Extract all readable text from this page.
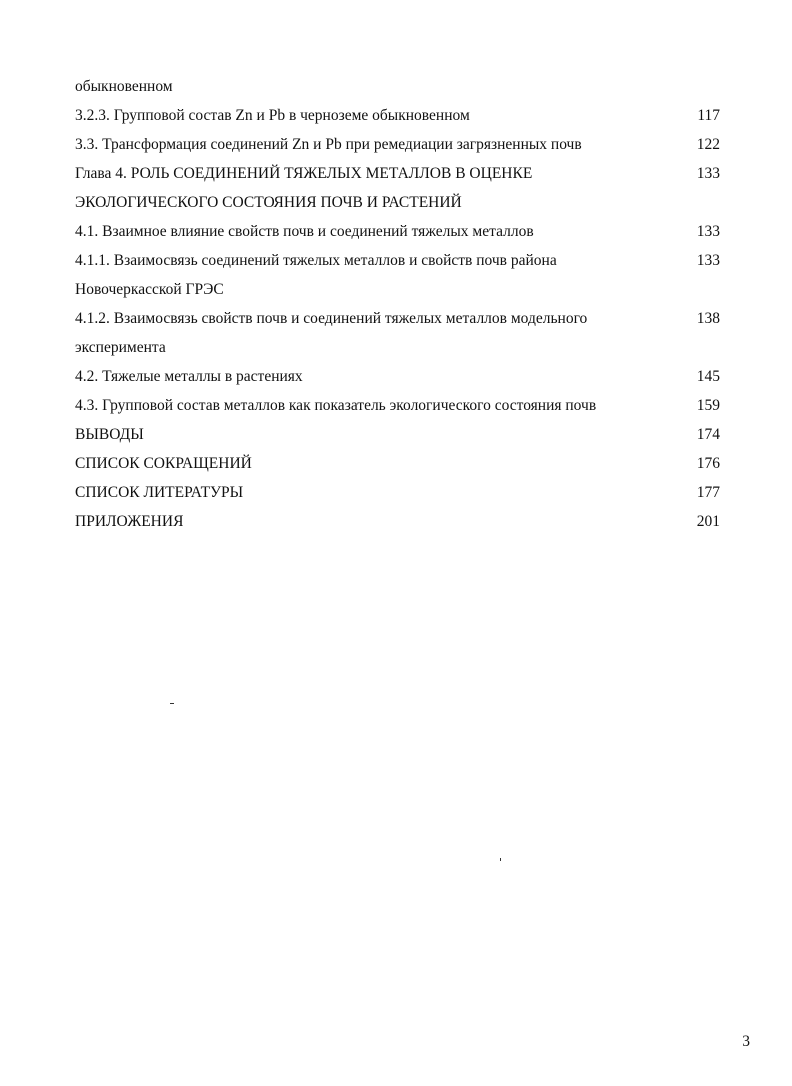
обыкновенном
3.2.3. Групповой состав Zn и Pb в черноземе обыкновенном	117
3.3. Трансформация соединений Zn и Pb при ремедиации загрязненных почв	122
Глава 4. РОЛЬ СОЕДИНЕНИЙ ТЯЖЕЛЫХ МЕТАЛЛОВ В ОЦЕНКЕ	133
ЭКОЛОГИЧЕСКОГО СОСТОЯНИЯ ПОЧВ И РАСТЕНИЙ
4.1. Взаимное влияние свойств почв и соединений тяжелых металлов	133
4.1.1. Взаимосвязь соединений тяжелых металлов и свойств почв района	133
Новочеркасской ГРЭС
4.1.2. Взаимосвязь свойств почв и соединений тяжелых металлов модельного	138
эксперимента
4.2. Тяжелые металлы в растениях	145
4.3. Групповой состав металлов как показатель экологического состояния почв	159
ВЫВОДЫ	174
СПИСОК СОКРАЩЕНИЙ	176
СПИСОК ЛИТЕРАТУРЫ	177
ПРИЛОЖЕНИЯ	201
3
